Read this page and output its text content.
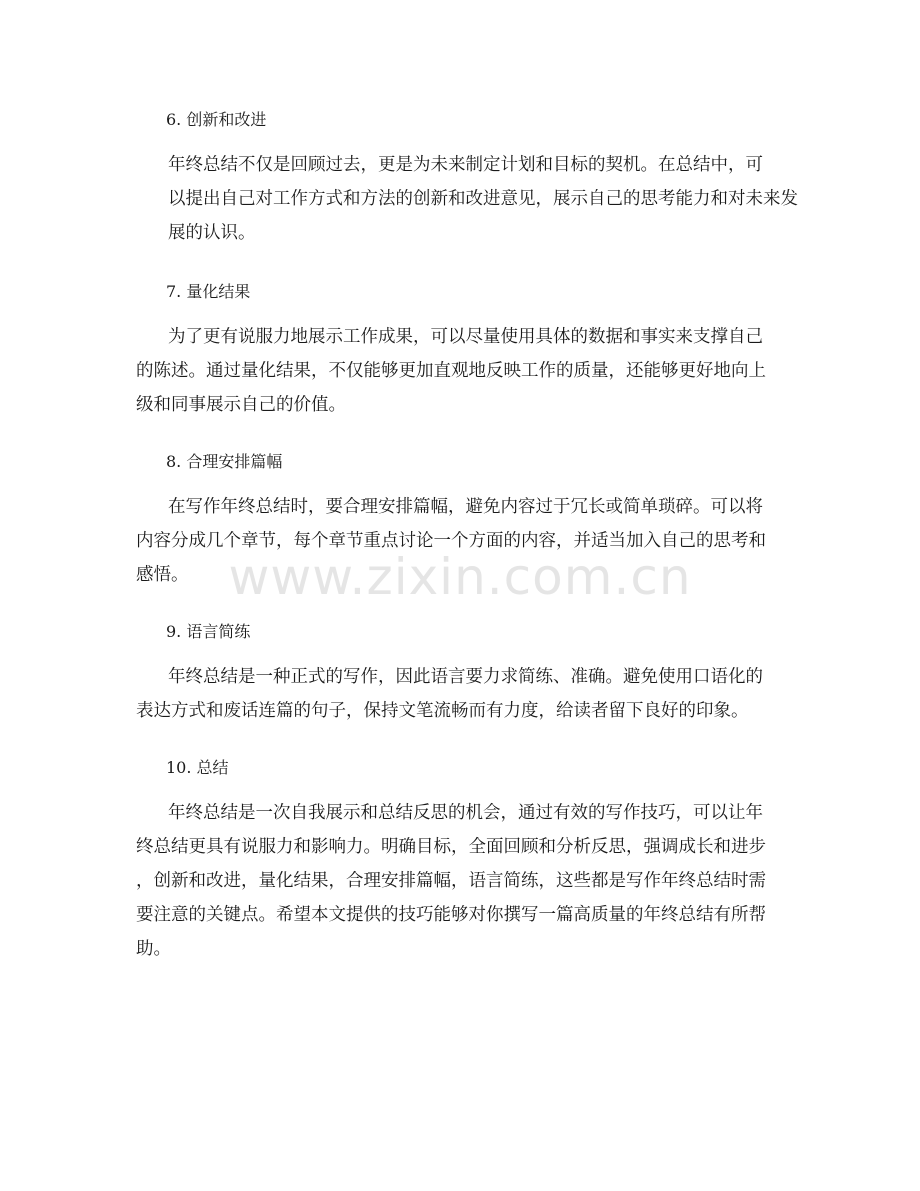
6. 创新和改进
年终总结不仅是回顾过去，更是为未来制定计划和目标的契机。在总结中，可
以提出自己对工作方式和方法的创新和改进意见，展示自己的思考能力和对未来发
展的认识。
7. 量化结果
为了更有说服力地展示工作成果，可以尽量使用具体的数据和事实来支撑自己
的陈述。通过量化结果，不仅能够更加直观地反映工作的质量，还能够更好地向上
级和同事展示自己的价值。
8. 合理安排篇幅
在写作年终总结时，要合理安排篇幅，避免内容过于冗长或简单琐碎。可以将
内容分成几个章节，每个章节重点讨论一个方面的内容，并适当加入自己的思考和
感悟。
9. 语言简练
年终总结是一种正式的写作，因此语言要力求简练、准确。避免使用口语化的
表达方式和废话连篇的句子，保持文笔流畅而有力度，给读者留下良好的印象。
10. 总结
年终总结是一次自我展示和总结反思的机会，通过有效的写作技巧，可以让年
终总结更具有说服力和影响力。明确目标，全面回顾和分析反思，强调成长和进步
，创新和改进，量化结果，合理安排篇幅，语言简练，这些都是写作年终总结时需
要注意的关键点。希望本文提供的技巧能够对你撰写一篇高质量的年终总结有所帮
助。
www.zixin.com.cn
